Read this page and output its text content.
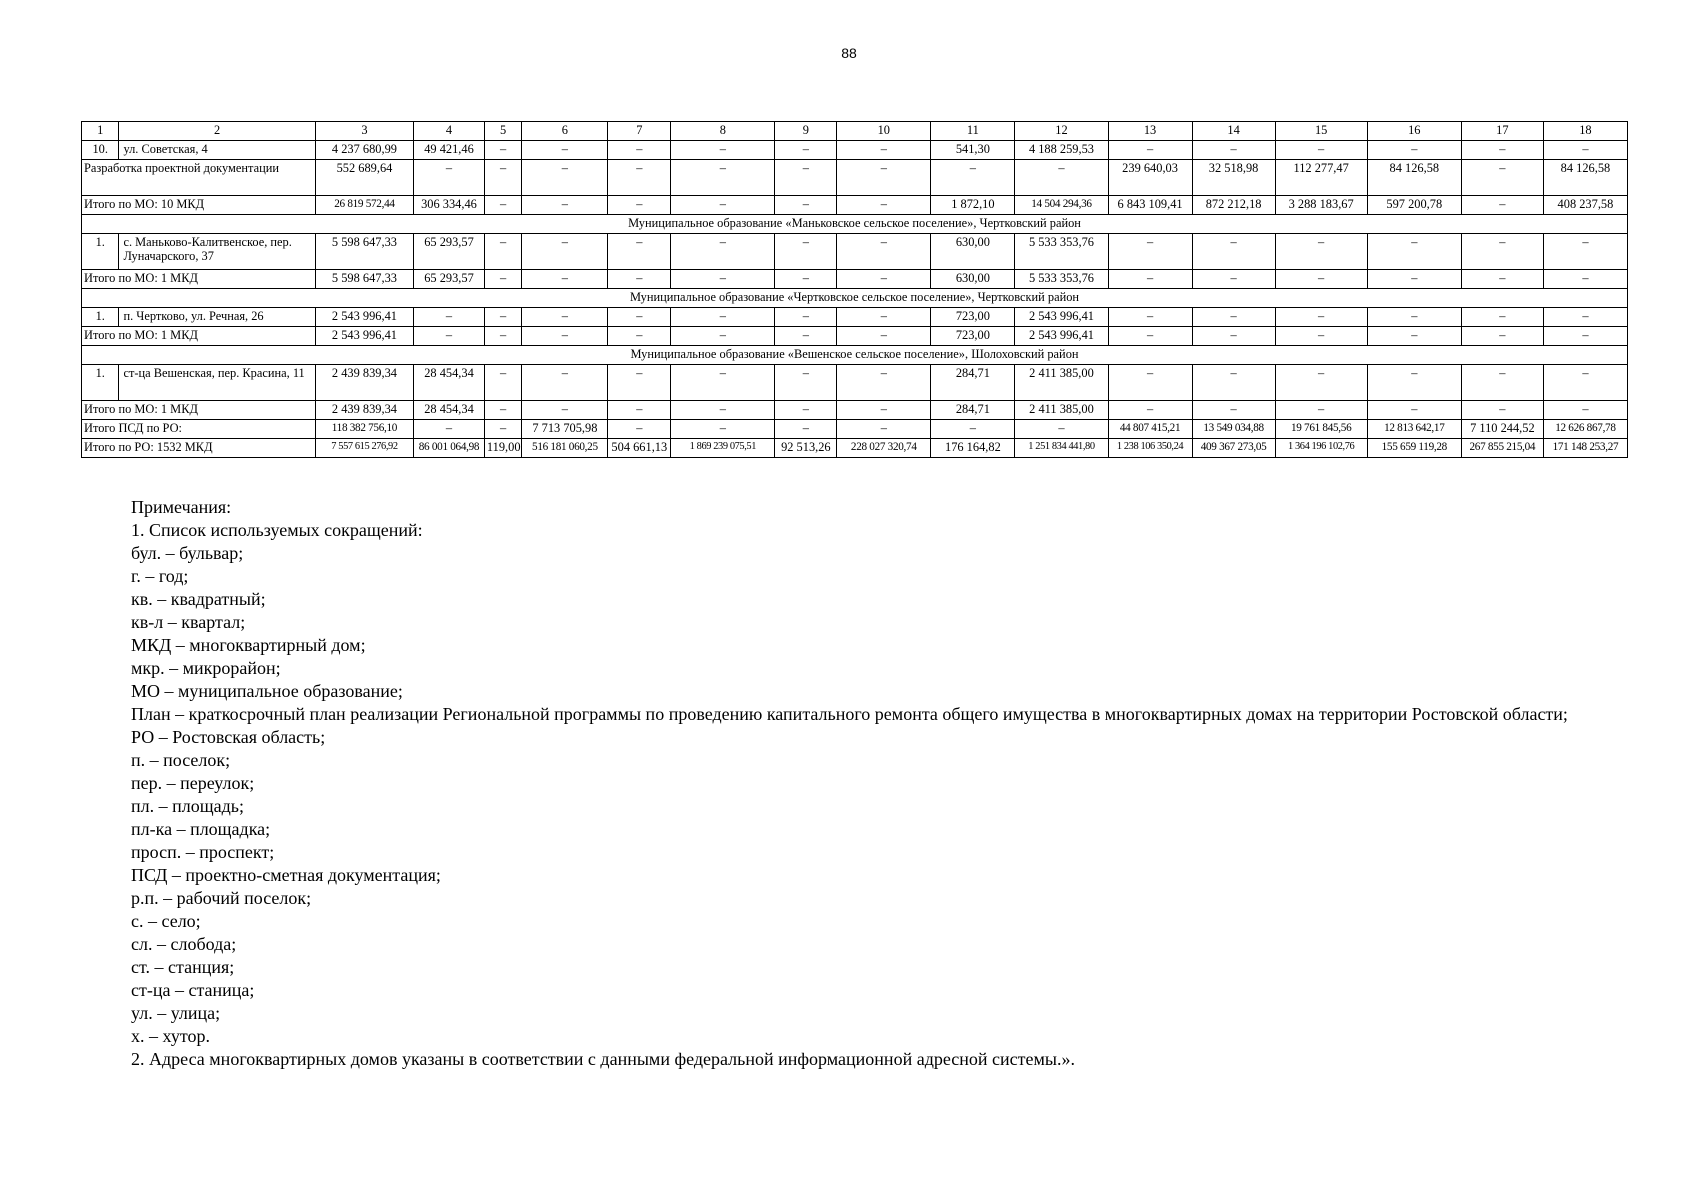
88
1	2	3	4	5	6	7	8	9	10	11	12	13	14	15	16	17	18
10.	ул. Советская, 4	4 237 680,99	49 421,46	–	–	–	–	–	–	541,30	4 188 259,53	–	–	–	–	–	–
Разработка проектной документации		552 689,64	–	–	–	–	–	–	–	–	–	239 640,03	32 518,98	112 277,47	84 126,58	–	84 126,58
Итого по МО: 10 МКД		26 819 572,44	306 334,46	–	–	–	–	–	–	1 872,10	14 504 294,36	6 843 109,41	872 212,18	3 288 183,67	597 200,78	–	408 237,58
Муниципальное образование «Маньковское сельское поселение», Чертковский район																	
1.	с. Маньково-Калитвенское, пер. Луначарского, 37	5 598 647,33	65 293,57	–	–	–	–	–	–	630,00	5 533 353,76	–	–	–	–	–	–
Итого по МО: 1 МКД		5 598 647,33	65 293,57	–	–	–	–	–	–	630,00	5 533 353,76	–	–	–	–	–	–
Муниципальное образование «Чертковское сельское поселение», Чертковский район																	
1.	п. Чертково, ул. Речная, 26	2 543 996,41	–	–	–	–	–	–	–	723,00	2 543 996,41	–	–	–	–	–	–
Итого по МО: 1 МКД		2 543 996,41	–	–	–	–	–	–	–	723,00	2 543 996,41	–	–	–	–	–	–
Муниципальное образование «Вешенское сельское поселение», Шолоховский район																	
1.	ст-ца Вешенская, пер. Красина, 11	2 439 839,34	28 454,34	–	–	–	–	–	–	284,71	2 411 385,00	–	–	–	–	–	–
Итого по МО: 1 МКД		2 439 839,34	28 454,34	–	–	–	–	–	–	284,71	2 411 385,00	–	–	–	–	–	–
Итого ПСД по РО:		118 382 756,10	–	–	7 713 705,98	–	–	–	–	–	–	44 807 415,21	13 549 034,88	19 761 845,56	12 813 642,17	7 110 244,52	12 626 867,78
Итого по РО: 1532 МКД		7 557 615 276,92	86 001 064,98	119,00	516 181 060,25	504 661,13	1 869 239 075,51	92 513,26	228 027 320,74	176 164,82	1 251 834 441,80	1 238 106 350,24	409 367 273,05	1 364 196 102,76	155 659 119,28	267 855 215,04	171 148 253,27
Примечания:
1. Список используемых сокращений:
бул. – бульвар;
г. – год;
кв. – квадратный;
кв-л – квартал;
МКД – многоквартирный дом;
мкр. – микрорайон;
МО – муниципальное образование;
План – краткосрочный план реализации Региональной программы по проведению капитального ремонта общего имущества в многоквартирных домах на территории Ростовской области;
РО – Ростовская область;
п. – поселок;
пер. – переулок;
пл. – площадь;
пл-ка – площадка;
просп. – проспект;
ПСД – проектно-сметная документация;
р.п. – рабочий поселок;
с. – село;
сл. – слобода;
ст. – станция;
ст-ца – станица;
ул. – улица;
х. – хутор.
2. Адреса многоквартирных домов указаны в соответствии с данными федеральной информационной адресной системы.».
